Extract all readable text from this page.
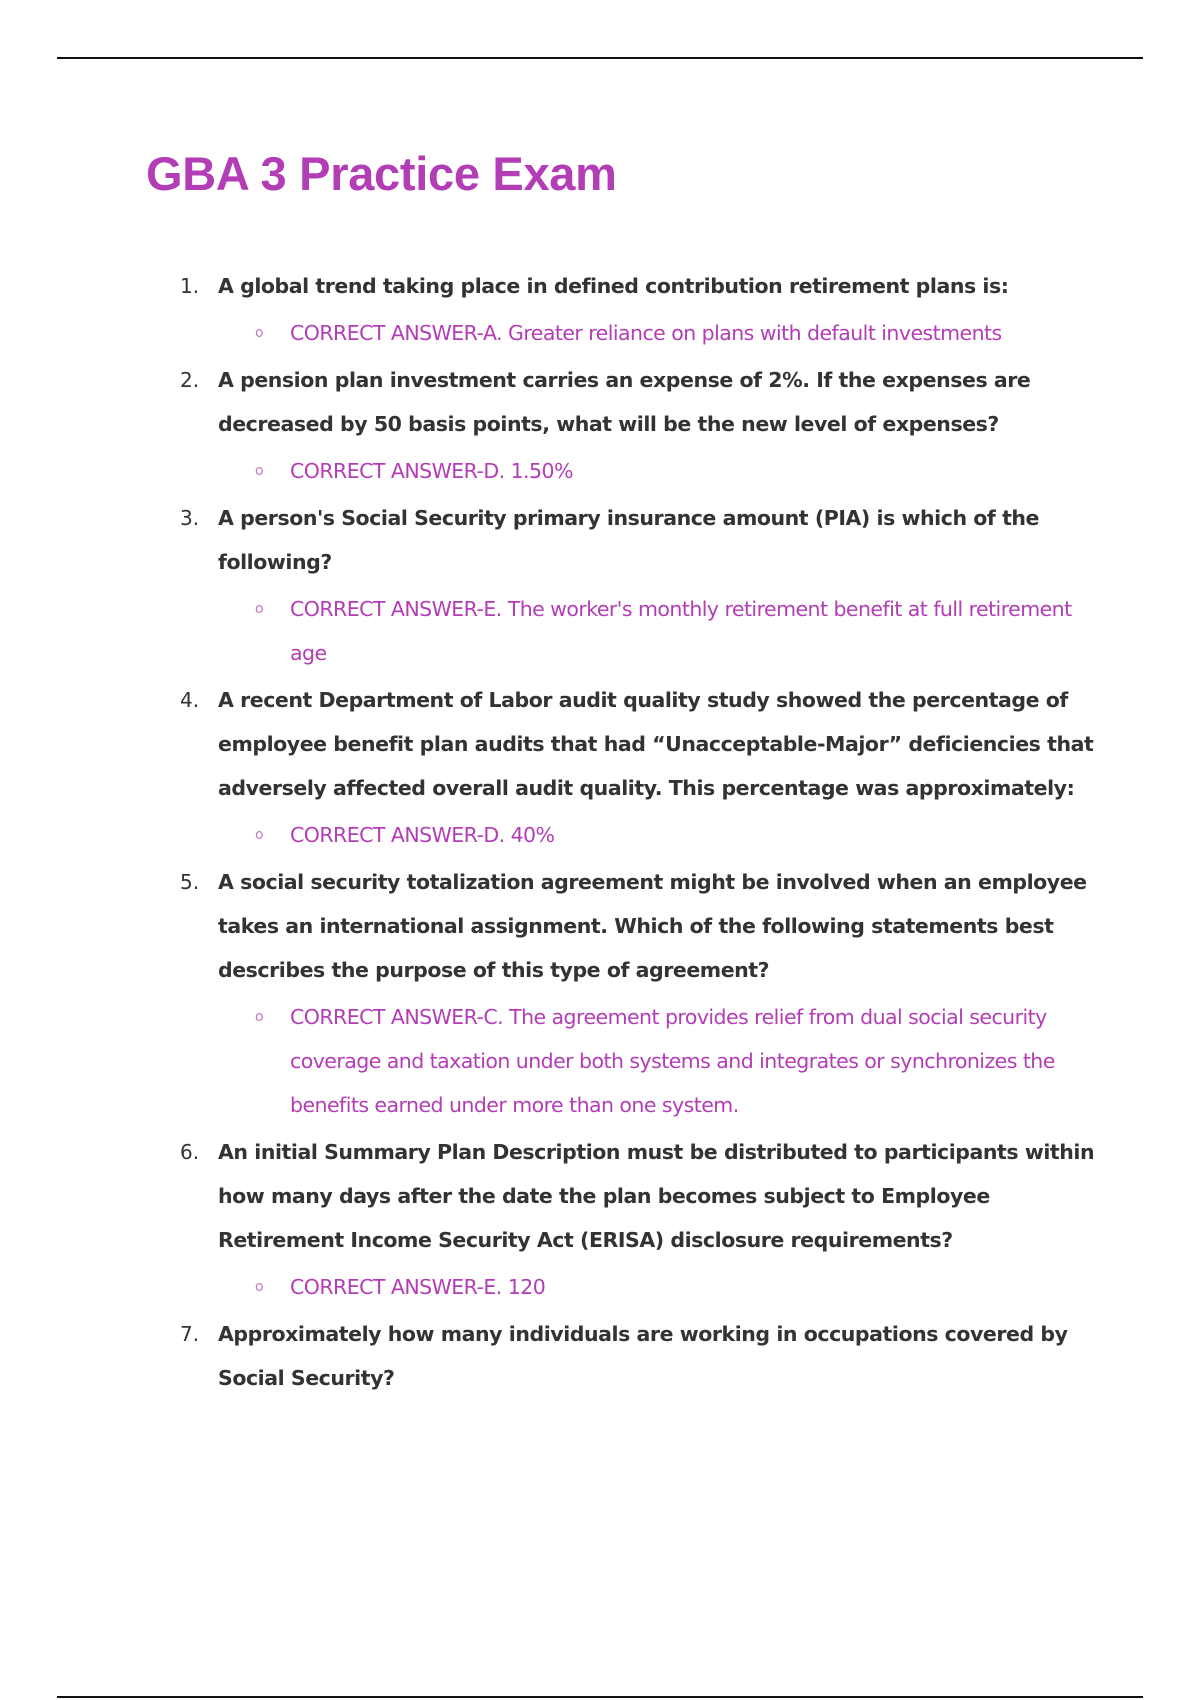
GBA 3 Practice Exam
1. A global trend taking place in defined contribution retirement plans is:
o CORRECT ANSWER-A. Greater reliance on plans with default investments
2. A pension plan investment carries an expense of 2%. If the expenses are decreased by 50 basis points, what will be the new level of expenses?
o CORRECT ANSWER-D. 1.50%
3. A person's Social Security primary insurance amount (PIA) is which of the following?
o CORRECT ANSWER-E. The worker's monthly retirement benefit at full retirement age
4. A recent Department of Labor audit quality study showed the percentage of employee benefit plan audits that had “Unacceptable-Major” deficiencies that adversely affected overall audit quality. This percentage was approximately:
o CORRECT ANSWER-D. 40%
5. A social security totalization agreement might be involved when an employee takes an international assignment. Which of the following statements best describes the purpose of this type of agreement?
o CORRECT ANSWER-C. The agreement provides relief from dual social security coverage and taxation under both systems and integrates or synchronizes the benefits earned under more than one system.
6. An initial Summary Plan Description must be distributed to participants within how many days after the date the plan becomes subject to Employee Retirement Income Security Act (ERISA) disclosure requirements?
o CORRECT ANSWER-E. 120
7. Approximately how many individuals are working in occupations covered by Social Security?
